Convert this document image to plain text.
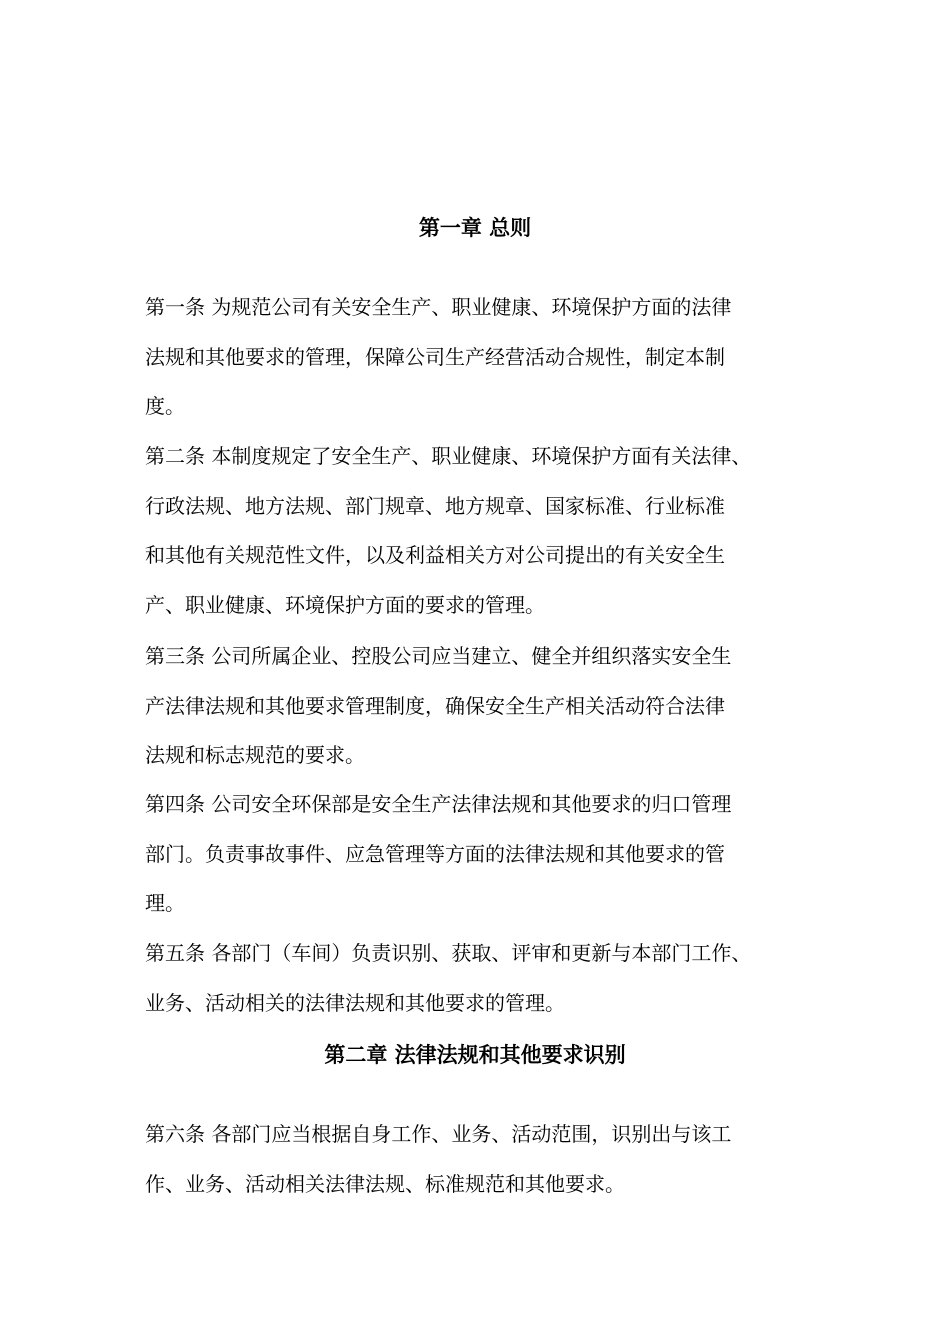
第一章 总则

第一条 为规范公司有关安全生产、职业健康、环境保护方面的法律
法规和其他要求的管理，保障公司生产经营活动合规性，制定本制
度。

第二条 本制度规定了安全生产、职业健康、环境保护方面有关法律、
行政法规、地方法规、部门规章、地方规章、国家标准、行业标准
和其他有关规范性文件，以及利益相关方对公司提出的有关安全生
产、职业健康、环境保护方面的要求的管理。

第三条 公司所属企业、控股公司应当建立、健全并组织落实安全生
产法律法规和其他要求管理制度，确保安全生产相关活动符合法律
法规和标志规范的要求。

第四条 公司安全环保部是安全生产法律法规和其他要求的归口管理
部门。负责事故事件、应急管理等方面的法律法规和其他要求的管
理。

第五条 各部门（车间）负责识别、获取、评审和更新与本部门工作、
业务、活动相关的法律法规和其他要求的管理。

第二章 法律法规和其他要求识别

第六条 各部门应当根据自身工作、业务、活动范围，识别出与该工
作、业务、活动相关法律法规、标准规范和其他要求。
